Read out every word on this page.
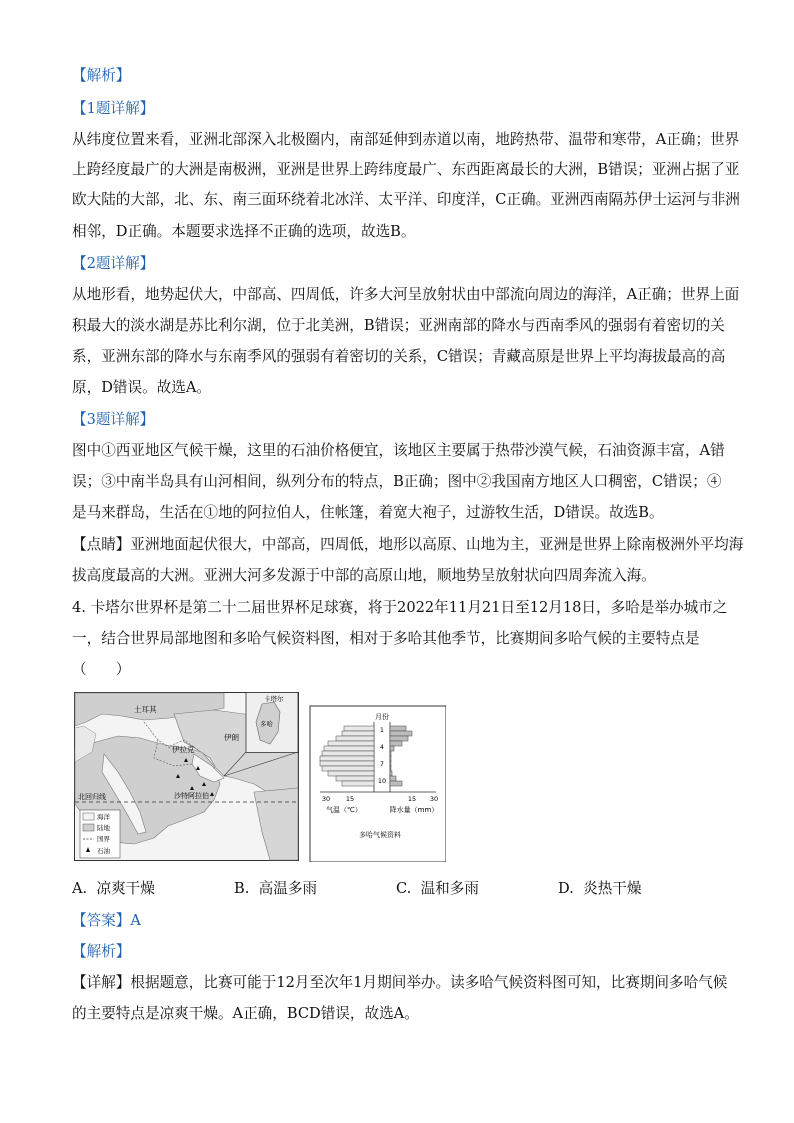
【解析】
【1题详解】
从纬度位置来看，亚洲北部深入北极圈内，南部延伸到赤道以南，地跨热带、温带和寒带，A正确；世界
上跨经度最广的大洲是南极洲，亚洲是世界上跨纬度最广、东西距离最长的大洲，B错误；亚洲占据了亚
欧大陆的大部，北、东、南三面环绕着北冰洋、太平洋、印度洋，C正确。亚洲西南隔苏伊士运河与非洲
相邻，D正确。本题要求选择不正确的选项，故选B。
【2题详解】
从地形看，地势起伏大，中部高、四周低，许多大河呈放射状由中部流向周边的海洋，A正确；世界上面
积最大的淡水湖是苏比利尔湖，位于北美洲，B错误；亚洲南部的降水与西南季风的强弱有着密切的关
系，亚洲东部的降水与东南季风的强弱有着密切的关系，C错误；青藏高原是世界上平均海拔最高的高
原，D错误。故选A。
【3题详解】
图中①西亚地区气候干燥，这里的石油价格便宜，该地区主要属于热带沙漠气候，石油资源丰富，A错
误；③中南半岛具有山河相间，纵列分布的特点，B正确；图中②我国南方地区人口稠密，C错误；④
是马来群岛，生活在①地的阿拉伯人，住帐篷，着宽大袍子，过游牧生活，D错误。故选B。
【点睛】亚洲地面起伏很大，中部高，四周低，地形以高原、山地为主，亚洲是世界上除南极洲外平均海
拔高度最高的大洲。亚洲大河多发源于中部的高原山地，顺地势呈放射状向四周奔流入海。
4. 卡塔尔世界杯是第二十二届世界杯足球赛，将于2022年11月21日至12月18日，多哈是举办城市之
一，结合世界局部地图和多哈气候资料图，相对于多哈其他季节，比赛期间多哈气候的主要特点是
（　　）
土耳其
伊朗
伊拉克
沙特阿拉伯
北回归线
卡塔尔
多哈
海洋
陆地
国界
石油
月份
1
4
7
10
30 15	15 30
气温（℃）	降水量（mm）
多哈气候资料
A. 凉爽干燥	B. 高温多雨	C. 温和多雨	D. 炎热干燥
【答案】A
【解析】
【详解】根据题意，比赛可能于12月至次年1月期间举办。读多哈气候资料图可知，比赛期间多哈气候
的主要特点是凉爽干燥。A正确，BCD错误，故选A。
